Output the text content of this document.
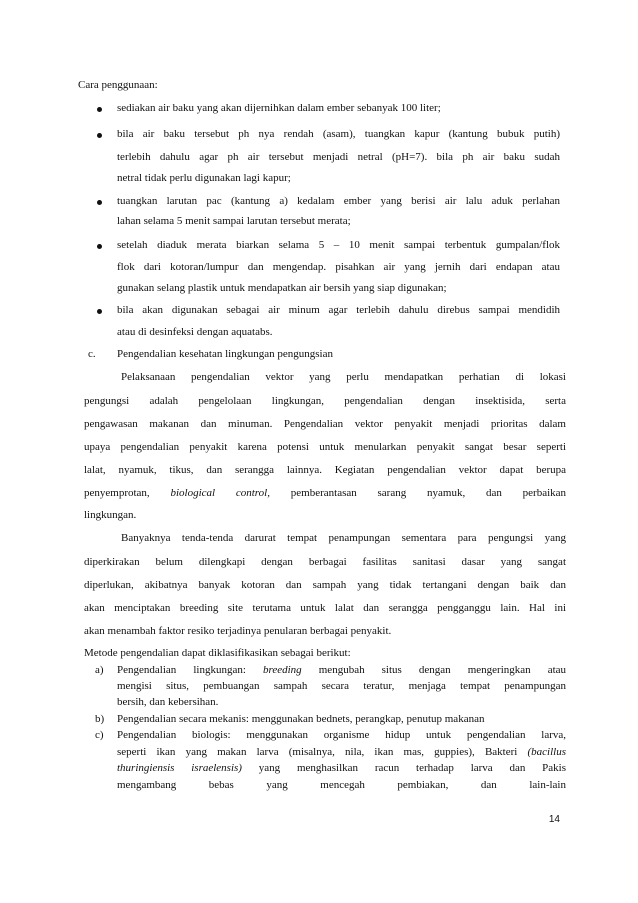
Cara penggunaan:
sediakan air baku yang akan dijernihkan dalam ember sebanyak 100 liter;
bila air baku tersebut ph nya rendah (asam), tuangkan kapur (kantung bubuk putih)
terlebih dahulu agar ph air tersebut menjadi netral (pH=7). bila ph air baku sudah
netral tidak perlu digunakan lagi kapur;
tuangkan larutan pac (kantung a) kedalam ember yang berisi air lalu aduk perlahan
lahan selama 5 menit sampai larutan tersebut merata;
setelah diaduk merata biarkan selama 5 – 10 menit sampai terbentuk gumpalan/flok
flok dari kotoran/lumpur dan mengendap. pisahkan air yang jernih dari endapan atau
gunakan selang plastik untuk mendapatkan air bersih yang siap digunakan;
bila akan digunakan sebagai air minum agar terlebih dahulu direbus sampai mendidih
atau di desinfeksi dengan aquatabs.
c. Pengendalian kesehatan lingkungan pengungsian
Pelaksanaan pengendalian vektor yang perlu mendapatkan perhatian di lokasi
pengungsi adalah pengelolaan lingkungan, pengendalian dengan insektisida, serta
pengawasan makanan dan minuman. Pengendalian vektor penyakit menjadi prioritas dalam
upaya pengendalian penyakit karena potensi untuk menularkan penyakit sangat besar seperti
lalat, nyamuk, tikus, dan serangga lainnya. Kegiatan pengendalian vektor dapat berupa
penyemprotan, biological control, pemberantasan sarang nyamuk, dan perbaikan
lingkungan.
Banyaknya tenda-tenda darurat tempat penampungan sementara para pengungsi yang
diperkirakan belum dilengkapi dengan berbagai fasilitas sanitasi dasar yang sangat
diperlukan, akibatnya banyak kotoran dan sampah yang tidak tertangani dengan baik dan
akan menciptakan breeding site terutama untuk lalat dan serangga pengganggu lain. Hal ini
akan menambah faktor resiko terjadinya penularan berbagai penyakit.
Metode pengendalian dapat diklasifikasikan sebagai berikut:
a) Pengendalian lingkungan: breeding mengubah situs dengan mengeringkan atau
mengisi situs, pembuangan sampah secara teratur, menjaga tempat penampungan
bersih, dan kebersihan.
b) Pengendalian secara mekanis: menggunakan bednets, perangkap, penutup makanan
c) Pengendalian biologis: menggunakan organisme hidup untuk pengendalian larva,
seperti ikan yang makan larva (misalnya, nila, ikan mas, guppies), Bakteri (bacillus
thuringiensis israelensis) yang menghasilkan racun terhadap larva dan Pakis
mengambang bebas yang mencegah pembiakan, dan lain-lain
14
